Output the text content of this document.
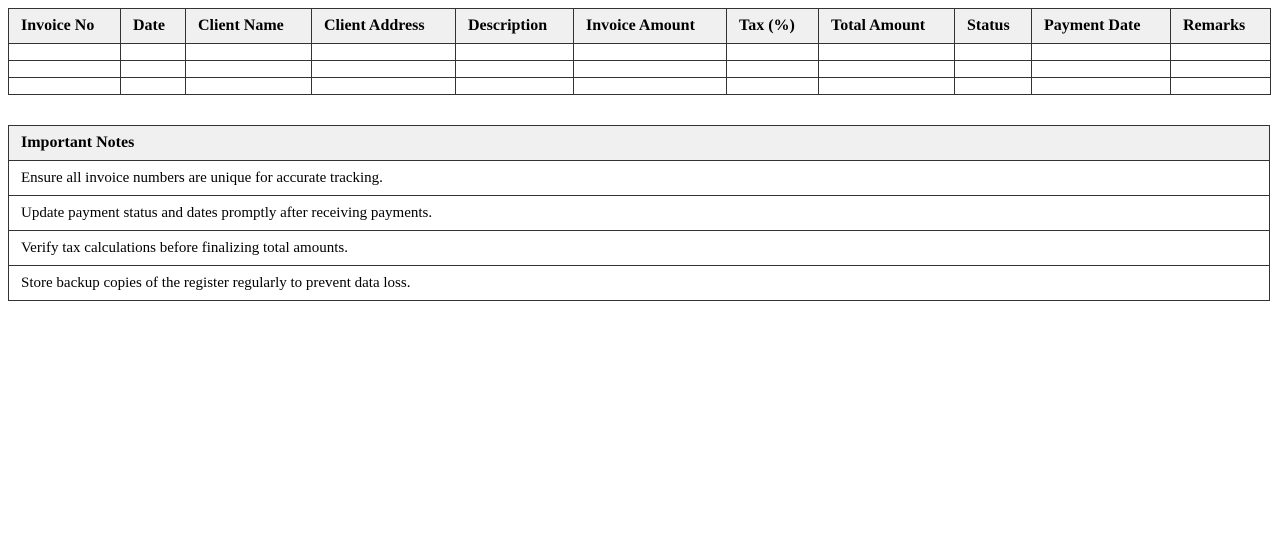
Invoice No	Date	Client Name	Client Address	Description	Invoice Amount	Tax (%)	Total Amount	Status	Payment Date	Remarks

Important Notes
Ensure all invoice numbers are unique for accurate tracking.
Update payment status and dates promptly after receiving payments.
Verify tax calculations before finalizing total amounts.
Store backup copies of the register regularly to prevent data loss.
